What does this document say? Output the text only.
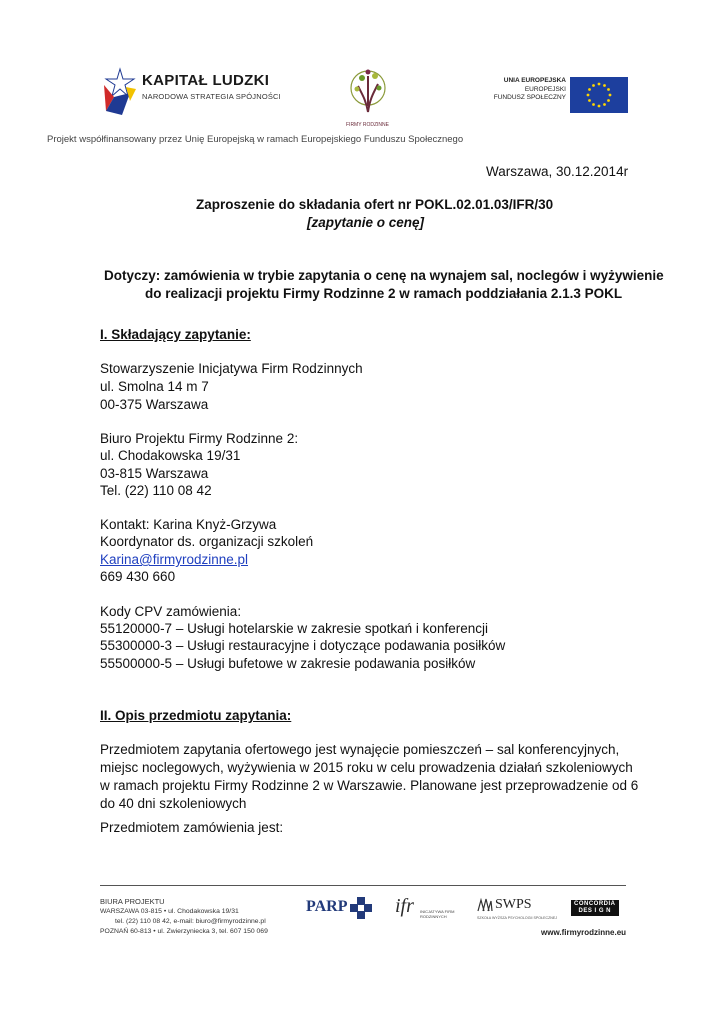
KAPITAŁ LUDZKI
NARODOWA STRATEGIA SPÓJNOŚCI
FIRMY RODZINNE
UNIA EUROPEJSKA
EUROPEJSKI
FUNDUSZ SPOŁECZNY
Projekt współfinansowany przez Unię Europejską w ramach Europejskiego Funduszu Społecznego
Warszawa, 30.12.2014r
Zaproszenie do składania ofert nr POKL.02.01.03/IFR/30
[zapytanie o cenę]
Dotyczy: zamówienia w trybie zapytania o cenę na wynajem sal, noclegów i wyżywienie
do realizacji projektu Firmy Rodzinne 2 w ramach poddziałania 2.1.3 POKL
I. Składający zapytanie:
Stowarzyszenie Inicjatywa Firm Rodzinnych
ul. Smolna 14 m 7
00-375 Warszawa
Biuro Projektu Firmy Rodzinne 2:
ul. Chodakowska 19/31
03-815 Warszawa
Tel. (22) 110 08 42
Kontakt: Karina Knyż-Grzywa
Koordynator ds. organizacji szkoleń
Karina@firmyrodzinne.pl
669 430 660
Kody CPV zamówienia:
55120000-7 – Usługi hotelarskie w zakresie spotkań i konferencji
55300000-3 – Usługi restauracyjne i dotyczące podawania posiłków
55500000-5 – Usługi bufetowe w zakresie podawania posiłków
II. Opis przedmiotu zapytania:
Przedmiotem zapytania ofertowego jest wynajęcie pomieszczeń – sal konferencyjnych,
miejsc noclegowych, wyżywienia w 2015 roku w celu prowadzenia działań szkoleniowych
w ramach projektu Firmy Rodzinne 2 w Warszawie. Planowane jest przeprowadzenie od 6
do 40 dni szkoleniowych
Przedmiotem zamówienia jest:
BIURA PROJEKTU
WARSZAWA 03-815 • ul. Chodakowska 19/31
tel. (22) 110 08 42, e-mail: biuro@firmyrodzinne.pl
POZNAŃ 60-813 • ul. Zwierzyniecka 3, tel. 607 150 069
PARP ifr INICJATYWA FIRM RODZINNYCH
SWPS
SZKOŁA WYŻSZA PSYCHOLOGII SPOŁECZNEJ
CONCORDIA
DES I G N
www.firmyrodzinne.eu
